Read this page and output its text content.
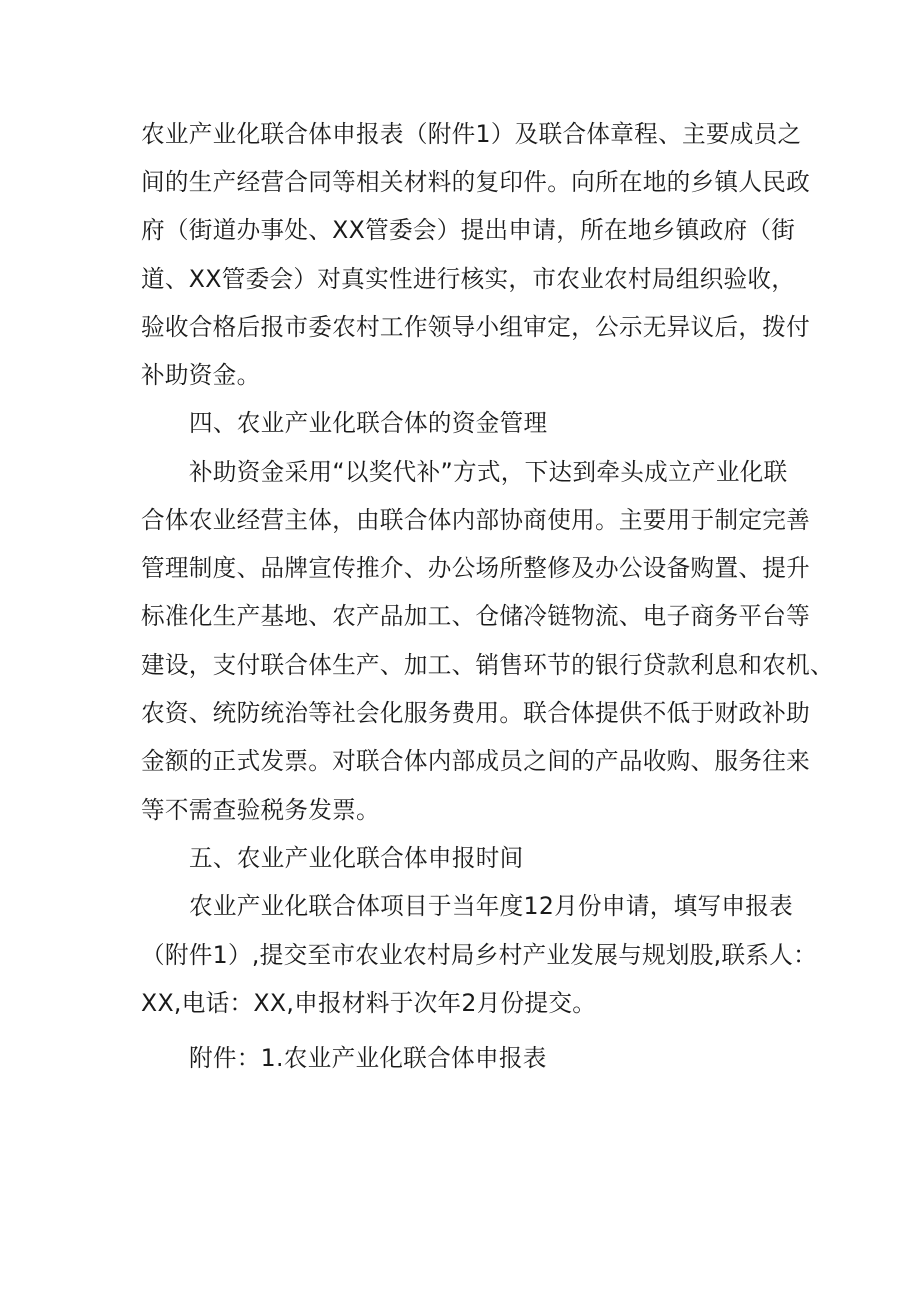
农业产业化联合体申报表（附件1）及联合体章程、主要成员之
间的生产经营合同等相关材料的复印件。向所在地的乡镇人民政
府（街道办事处、XX管委会）提出申请，所在地乡镇政府（街
道、XX管委会）对真实性进行核实，市农业农村局组织验收，
验收合格后报市委农村工作领导小组审定，公示无异议后，拨付
补助资金。
四、农业产业化联合体的资金管理
补助资金采用“以奖代补”方式，下达到牵头成立产业化联
合体农业经营主体，由联合体内部协商使用。主要用于制定完善
管理制度、品牌宣传推介、办公场所整修及办公设备购置、提升
标准化生产基地、农产品加工、仓储冷链物流、电子商务平台等
建设，支付联合体生产、加工、销售环节的银行贷款利息和农机、
农资、统防统治等社会化服务费用。联合体提供不低于财政补助
金额的正式发票。对联合体内部成员之间的产品收购、服务往来
等不需查验税务发票。
五、农业产业化联合体申报时间
农业产业化联合体项目于当年度12月份申请，填写申报表
（附件1）,提交至市农业农村局乡村产业发展与规划股,联系人：
XX,电话：XX,申报材料于次年2月份提交。
附件：1.农业产业化联合体申报表
